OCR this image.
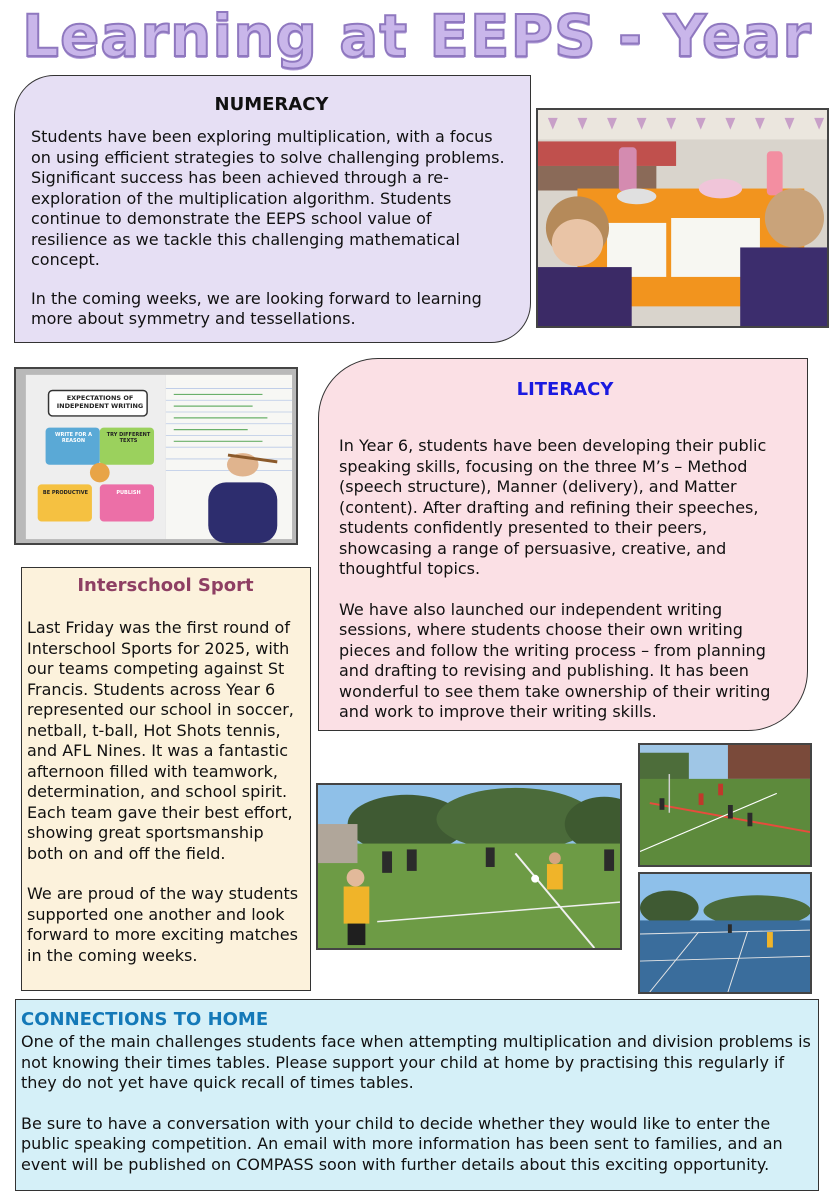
Learning at EEPS - Year
NUMERACY

Students have been exploring multiplication, with a focus on using efficient strategies to solve challenging problems. Significant success has been achieved through a re-exploration of the multiplication algorithm. Students continue to demonstrate the EEPS school value of resilience as we tackle this challenging mathematical concept.

In the coming weeks, we are looking forward to learning more about symmetry and tessellations.

EXPECTATIONS OF INDEPENDENT WRITING
WRITE FOR A REASON
TRY DIFFERENT TEXTS
BE PRODUCTIVE	PUBLISH
LITERACY

In Year 6, students have been developing their public speaking skills, focusing on the three M’s – Method (speech structure), Manner (delivery), and Matter (content). After drafting and refining their speeches, students confidently presented to their peers, showcasing a range of persuasive, creative, and thoughtful topics.

We have also launched our independent writing sessions, where students choose their own writing pieces and follow the writing process – from planning and drafting to revising and publishing. It has been wonderful to see them take ownership of their writing and work to improve their writing skills.

Interschool Sport

Last Friday was the first round of Interschool Sports for 2025, with our teams competing against St Francis. Students across Year 6 represented our school in soccer, netball, t-ball, Hot Shots tennis, and AFL Nines. It was a fantastic afternoon filled with teamwork, determination, and school spirit. Each team gave their best effort, showing great sportsmanship both on and off the field.

We are proud of the way students supported one another and look forward to more exciting matches in the coming weeks.

CONNECTIONS TO HOME

One of the main challenges students face when attempting multiplication and division problems is not knowing their times tables. Please support your child at home by practising this regularly if they do not yet have quick recall of times tables.

Be sure to have a conversation with your child to decide whether they would like to enter the public speaking competition. An email with more information has been sent to families, and an event will be published on COMPASS soon with further details about this exciting opportunity.
